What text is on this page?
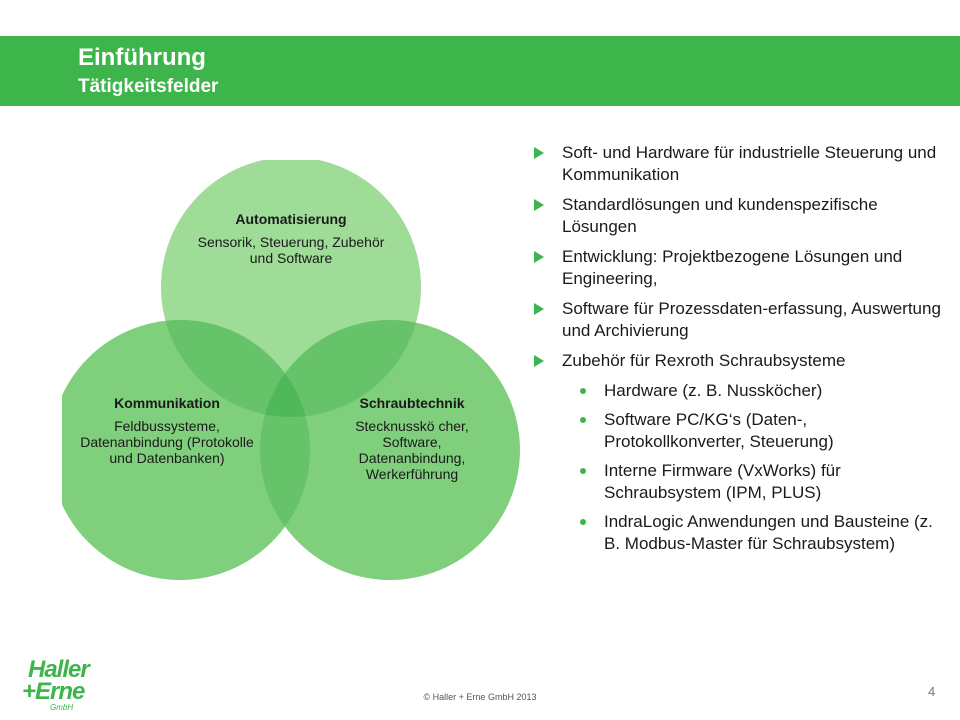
Einführung
Tätigkeitsfelder
Automatisierung
Sensorik, Steuerung, Zubehör und Software
Kommunikation
Feldbussysteme, Datenanbindung (Protokolle und Datenbanken)
Schraubtechnik
Stecknusskö cher, Software, Datenanbindung, Werkerführung
Soft- und Hardware für industrielle Steuerung und Kommunikation
Standardlösungen und kundenspezifische Lösungen
Entwicklung: Projektbezogene Lösungen und Engineering,
Software für Prozessdaten-erfassung, Auswertung und Archivierung
Zubehör für Rexroth Schraubsysteme
Hardware (z. B. Nussköcher)
Software PC/KG‘s (Daten-, Protokollkonverter, Steuerung)
Interne Firmware (VxWorks) für Schraubsystem (IPM, PLUS)
IndraLogic Anwendungen und Bausteine (z. B. Modbus-Master für Schraubsystem)
Haller
+Erne
GmbH
© Haller + Erne GmbH 2013	4
